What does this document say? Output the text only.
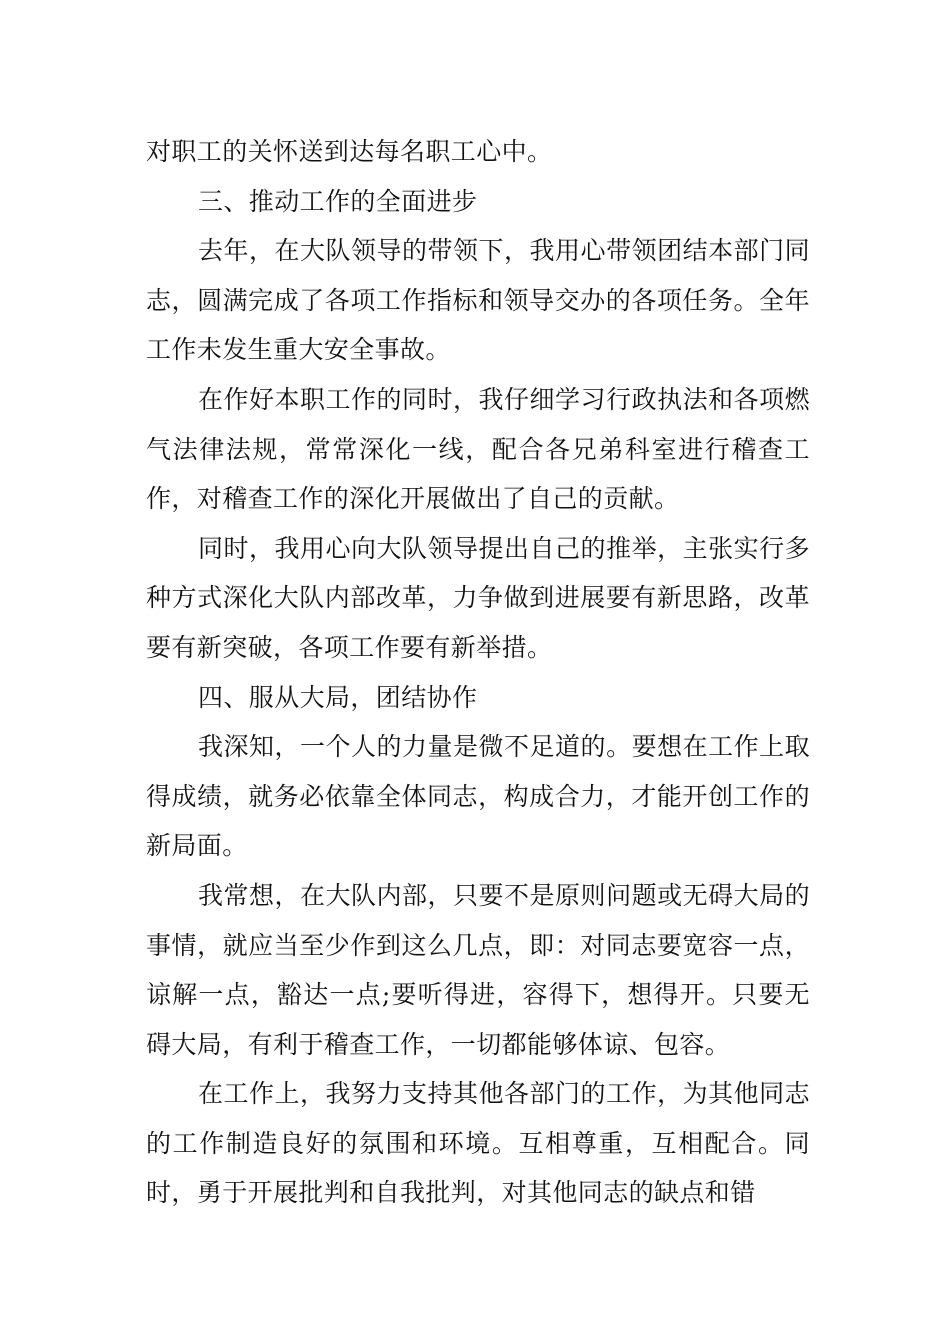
对职工的关怀送到达每名职工心中。

三、推动工作的全面进步

去年，在大队领导的带领下，我用心带领团结本部门同志，圆满完成了各项工作指标和领导交办的各项任务。全年工作未发生重大安全事故。

在作好本职工作的同时，我仔细学习行政执法和各项燃气法律法规，常常深化一线，配合各兄弟科室进行稽查工作，对稽查工作的深化开展做出了自己的贡献。

同时，我用心向大队领导提出自己的推举，主张实行多种方式深化大队内部改革，力争做到进展要有新思路，改革要有新突破，各项工作要有新举措。

四、服从大局，团结协作

我深知，一个人的力量是微不足道的。要想在工作上取得成绩，就务必依靠全体同志，构成合力，才能开创工作的新局面。

我常想，在大队内部，只要不是原则问题或无碍大局的事情，就应当至少作到这么几点，即：对同志要宽容一点，谅解一点，豁达一点;要听得进，容得下，想得开。只要无碍大局，有利于稽查工作，一切都能够体谅、包容。

在工作上，我努力支持其他各部门的工作，为其他同志的工作制造良好的氛围和环境。互相尊重，互相配合。同时，勇于开展批判和自我批判，对其他同志的缺点和错
